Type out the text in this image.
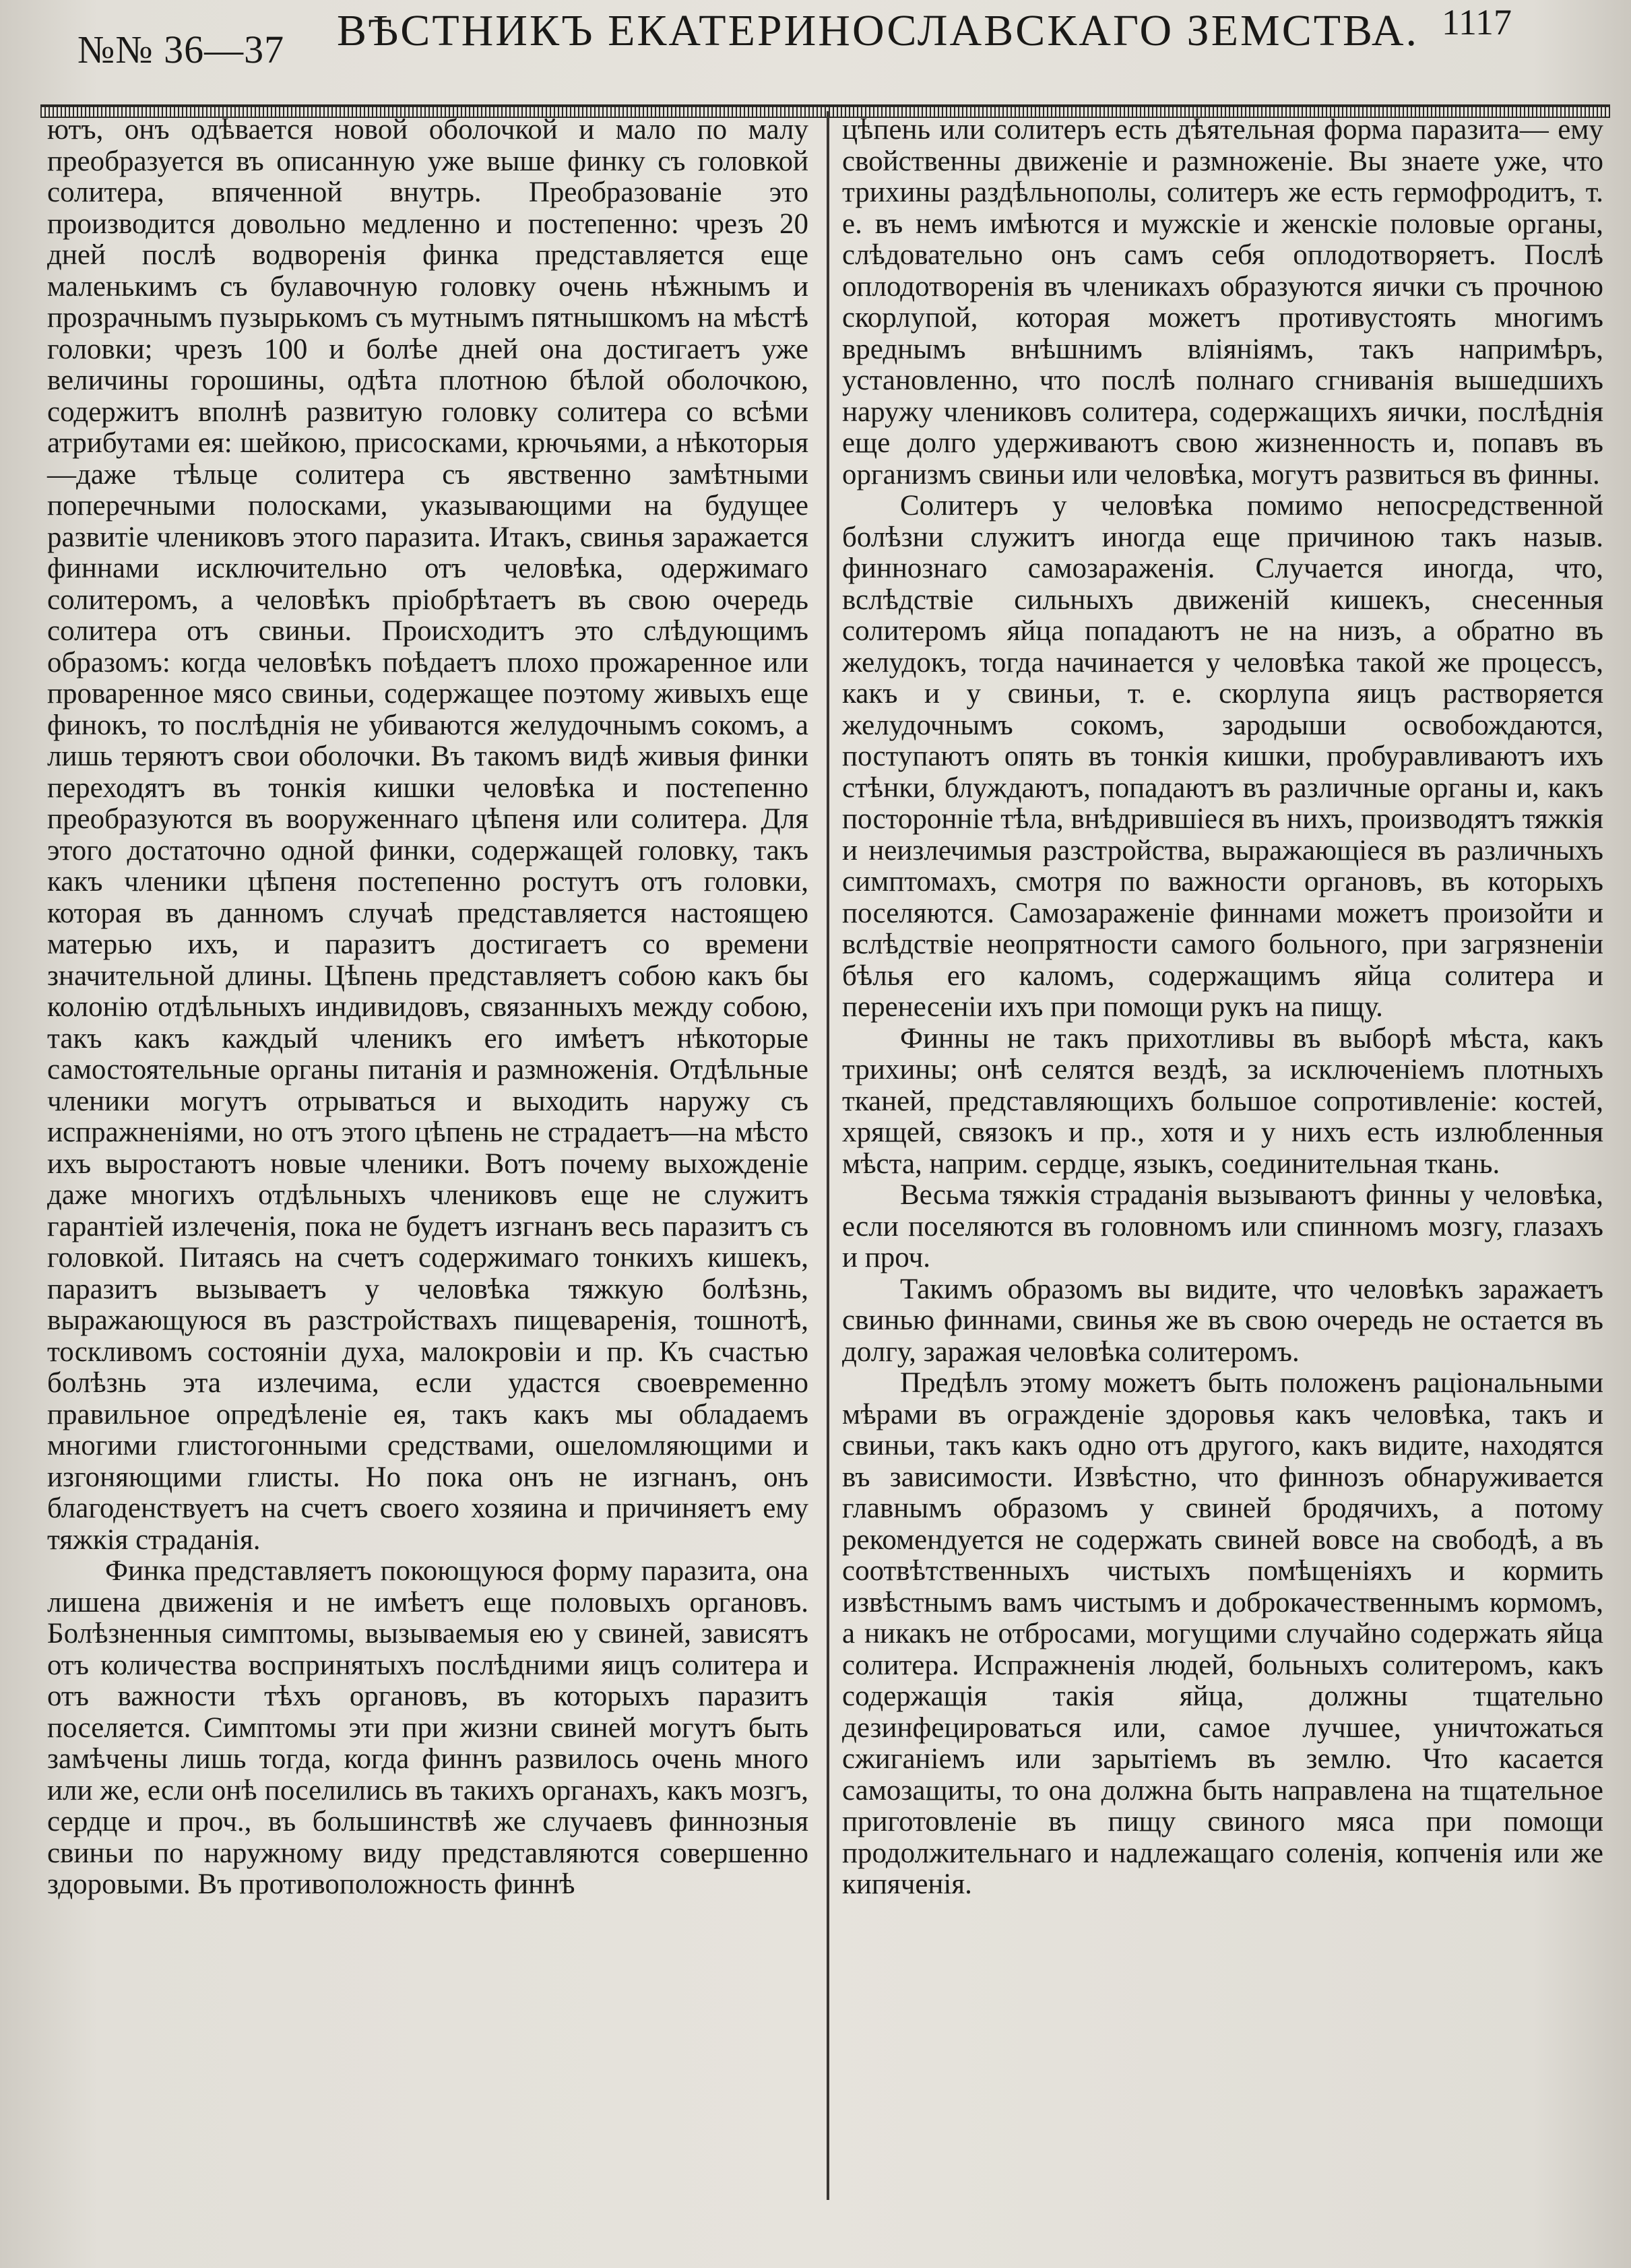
№№ 36—37 ВѢСТНИКЪ ЕКАТЕРИНОСЛАВСКАГО ЗЕМСТВА. 1117

ютъ, онъ одѣвается новой оболочкой и мало по малу преобразуется въ описанную уже выше финку съ головкой солитера, впяченной внутрь. Преобразованіе это производится довольно медленно и постепенно: чрезъ 20 дней послѣ водворенія финка представляется еще маленькимъ съ булавочную головку очень нѣжнымъ и прозрачнымъ пузырькомъ съ мутнымъ пятнышкомъ на мѣстѣ головки; чрезъ 100 и болѣе дней она достигаетъ уже величины горошины, одѣта плотною бѣлой оболочкою, содержитъ вполнѣ развитую головку солитера со всѣми атрибутами ея: шейкою, присосками, крючьями, а нѣкоторыя—даже тѣльце солитера съ явственно замѣтными поперечными полосками, указывающими на будущее развитіе члениковъ этого паразита. Итакъ, свинья заражается финнами исключительно отъ человѣка, одержимаго солитеромъ, а человѣкъ пріобрѣтаетъ въ свою очередь солитера отъ свиньи. Происходитъ это слѣдующимъ образомъ: когда человѣкъ поѣдаетъ плохо прожаренное или проваренное мясо свиньи, содержащее поэтому живыхъ еще финокъ, то послѣднія не убиваются желудочнымъ сокомъ, а лишь теряютъ свои оболочки. Въ такомъ видѣ живыя финки переходятъ въ тонкія кишки человѣка и постепенно преобразуются въ вооруженнаго цѣпеня или солитера. Для этого достаточно одной финки, содержащей головку, такъ какъ членики цѣпеня постепенно ростутъ отъ головки, которая въ данномъ случаѣ представляется настоящею матерью ихъ, и паразитъ достигаетъ со времени значительной длины. Цѣпень представляетъ собою какъ бы колонію отдѣльныхъ индивидовъ, связанныхъ между собою, такъ какъ каждый членикъ его имѣетъ нѣкоторые самостоятельные органы питанія и размноженія. Отдѣльные членики могутъ отрываться и выходить наружу съ испражненіями, но отъ этого цѣпень не страдаетъ—на мѣсто ихъ выростаютъ новые членики. Вотъ почему выхожденіе даже многихъ отдѣльныхъ члениковъ еще не служитъ гарантіей излеченія, пока не будетъ изгнанъ весь паразитъ съ головкой. Питаясь на счетъ содержимаго тонкихъ кишекъ, паразитъ вызываетъ у человѣка тяжкую болѣзнь, выражающуюся въ разстройствахъ пищеваренія, тошнотѣ, тоскливомъ состояніи духа, малокровіи и пр. Къ счастью болѣзнь эта излечима, если удастся своевременно правильное опредѣленіе ея, такъ какъ мы обладаемъ многими глистогонными средствами, ошеломляющими и изгоняющими глисты. Но пока онъ не изгнанъ, онъ благоденствуетъ на счетъ своего хозяина и причиняетъ ему тяжкія страданія.

Финка представляетъ покоющуюся форму паразита, она лишена движенія и не имѣетъ еще половыхъ органовъ. Болѣзненныя симптомы, вызываемыя ею у свиней, зависятъ отъ количества воспринятыхъ послѣдними яицъ солитера и отъ важности тѣхъ органовъ, въ которыхъ паразитъ поселяется. Симптомы эти при жизни свиней могутъ быть замѣчены лишь тогда, когда финнъ развилось очень много или же, если онѣ поселились въ такихъ органахъ, какъ мозгъ, сердце и проч., въ большинствѣ же случаевъ финнозныя свиньи по наружному виду представляются совершенно здоровыми. Въ противоположность финнѣ

цѣпень или солитеръ есть дѣятельная форма паразита— ему свойственны движеніе и размноженіе. Вы знаете уже, что трихины раздѣльнополы, солитеръ же есть гермофродитъ, т. е. въ немъ имѣются и мужскіе и женскіе половые органы, слѣдовательно онъ самъ себя оплодотворяетъ. Послѣ оплодотворенія въ членикахъ образуются яички съ прочною скорлупой, которая можетъ противустоять многимъ вреднымъ внѣшнимъ вліяніямъ, такъ напримѣръ, установленно, что послѣ полнаго сгниванія вышедшихъ наружу члениковъ солитера, содержащихъ яички, послѣднія еще долго удерживаютъ свою жизненность и, попавъ въ организмъ свиньи или человѣка, могутъ развиться въ финны.

Солитеръ у человѣка помимо непосредственной болѣзни служитъ иногда еще причиною такъ назыв. финнознаго самозараженія. Случается иногда, что, вслѣдствіе сильныхъ движеній кишекъ, снесенныя солитеромъ яйца попадаютъ не на низъ, а обратно въ желудокъ, тогда начинается у человѣка такой же процессъ, какъ и у свиньи, т. е. скорлупа яицъ растворяется желудочнымъ сокомъ, зародыши освобождаются, поступаютъ опять въ тонкія кишки, пробуравливаютъ ихъ стѣнки, блуждаютъ, попадаютъ въ различные органы и, какъ посторонніе тѣла, внѣдрившіеся въ нихъ, производятъ тяжкія и неизлечимыя разстройства, выражающіеся въ различныхъ симптомахъ, смотря по важности органовъ, въ которыхъ поселяются. Самозараженіе финнами можетъ произойти и вслѣдствіе неопрятности самого больного, при загрязненіи бѣлья его каломъ, содержащимъ яйца солитера и перенесеніи ихъ при помощи рукъ на пищу.

Финны не такъ прихотливы въ выборѣ мѣста, какъ трихины; онѣ селятся вездѣ, за исключеніемъ плотныхъ тканей, представляющихъ большое сопротивленіе: костей, хрящей, связокъ и пр., хотя и у нихъ есть излюбленныя мѣста, наприм. сердце, языкъ, соединительная ткань.

Весьма тяжкія страданія вызываютъ финны у человѣка, если поселяются въ головномъ или спинномъ мозгу, глазахъ и проч.

Такимъ образомъ вы видите, что человѣкъ заражаетъ свинью финнами, свинья же въ свою очередь не остается въ долгу, заражая человѣка солитеромъ.

Предѣлъ этому можетъ быть положенъ раціональными мѣрами въ огражденіе здоровья какъ человѣка, такъ и свиньи, такъ какъ одно отъ другого, какъ видите, находятся въ зависимости. Извѣстно, что финнозъ обнаруживается главнымъ образомъ у свиней бродячихъ, а потому рекомендуется не содержать свиней вовсе на свободѣ, а въ соотвѣтственныхъ чистыхъ помѣщеніяхъ и кормить извѣстнымъ вамъ чистымъ и доброкачественнымъ кормомъ, а никакъ не отбросами, могущими случайно содержать яйца солитера. Испражненія людей, больныхъ солитеромъ, какъ содержащія такія яйца, должны тщательно дезинфецироваться или, самое лучшее, уничтожаться сжиганіемъ или зарытіемъ въ землю. Что касается самозащиты, то она должна быть направлена на тщательное приготовленіе въ пищу свиного мяса при помощи продолжительнаго и надлежащаго соленія, копченія или же кипяченія.
